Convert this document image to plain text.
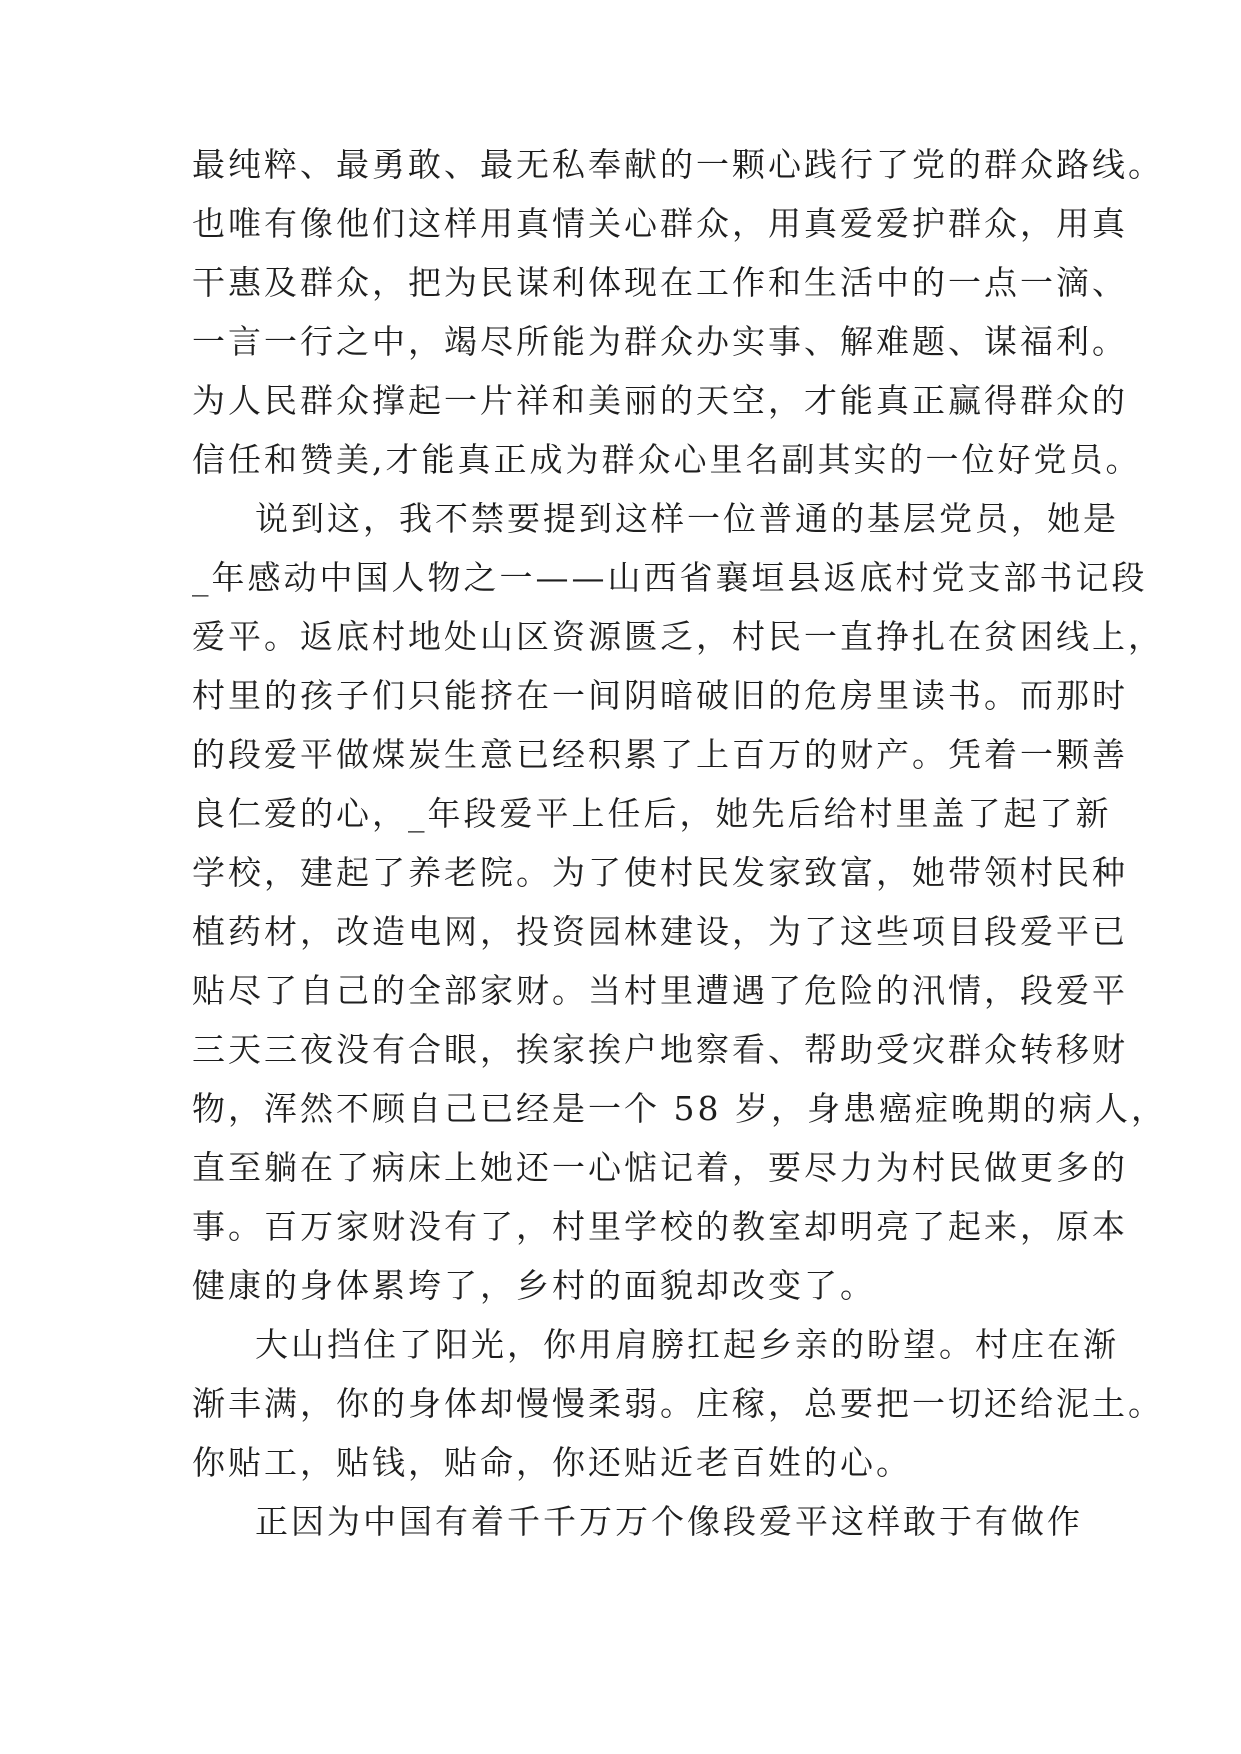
最纯粹、最勇敢、最无私奉献的一颗心践行了党的群众路线。
也唯有像他们这样用真情关心群众，用真爱爱护群众，用真
干惠及群众，把为民谋利体现在工作和生活中的一点一滴、
一言一行之中，竭尽所能为群众办实事、解难题、谋福利。
为人民群众撑起一片祥和美丽的天空，才能真正赢得群众的
信任和赞美,才能真正成为群众心里名副其实的一位好党员。
说到这，我不禁要提到这样一位普通的基层党员，她是
_年感动中国人物之一——山西省襄垣县返底村党支部书记段
爱平。返底村地处山区资源匮乏，村民一直挣扎在贫困线上，
村里的孩子们只能挤在一间阴暗破旧的危房里读书。而那时
的段爱平做煤炭生意已经积累了上百万的财产。凭着一颗善
良仁爱的心，_年段爱平上任后，她先后给村里盖了起了新
学校，建起了养老院。为了使村民发家致富，她带领村民种
植药材，改造电网，投资园林建设，为了这些项目段爱平已
贴尽了自己的全部家财。当村里遭遇了危险的汛情，段爱平
三天三夜没有合眼，挨家挨户地察看、帮助受灾群众转移财
物，浑然不顾自己已经是一个 58 岁，身患癌症晚期的病人，
直至躺在了病床上她还一心惦记着，要尽力为村民做更多的
事。百万家财没有了，村里学校的教室却明亮了起来，原本
健康的身体累垮了，乡村的面貌却改变了。
大山挡住了阳光，你用肩膀扛起乡亲的盼望。村庄在渐
渐丰满，你的身体却慢慢柔弱。庄稼，总要把一切还给泥土。
你贴工，贴钱，贴命，你还贴近老百姓的心。
正因为中国有着千千万万个像段爱平这样敢于有做作
